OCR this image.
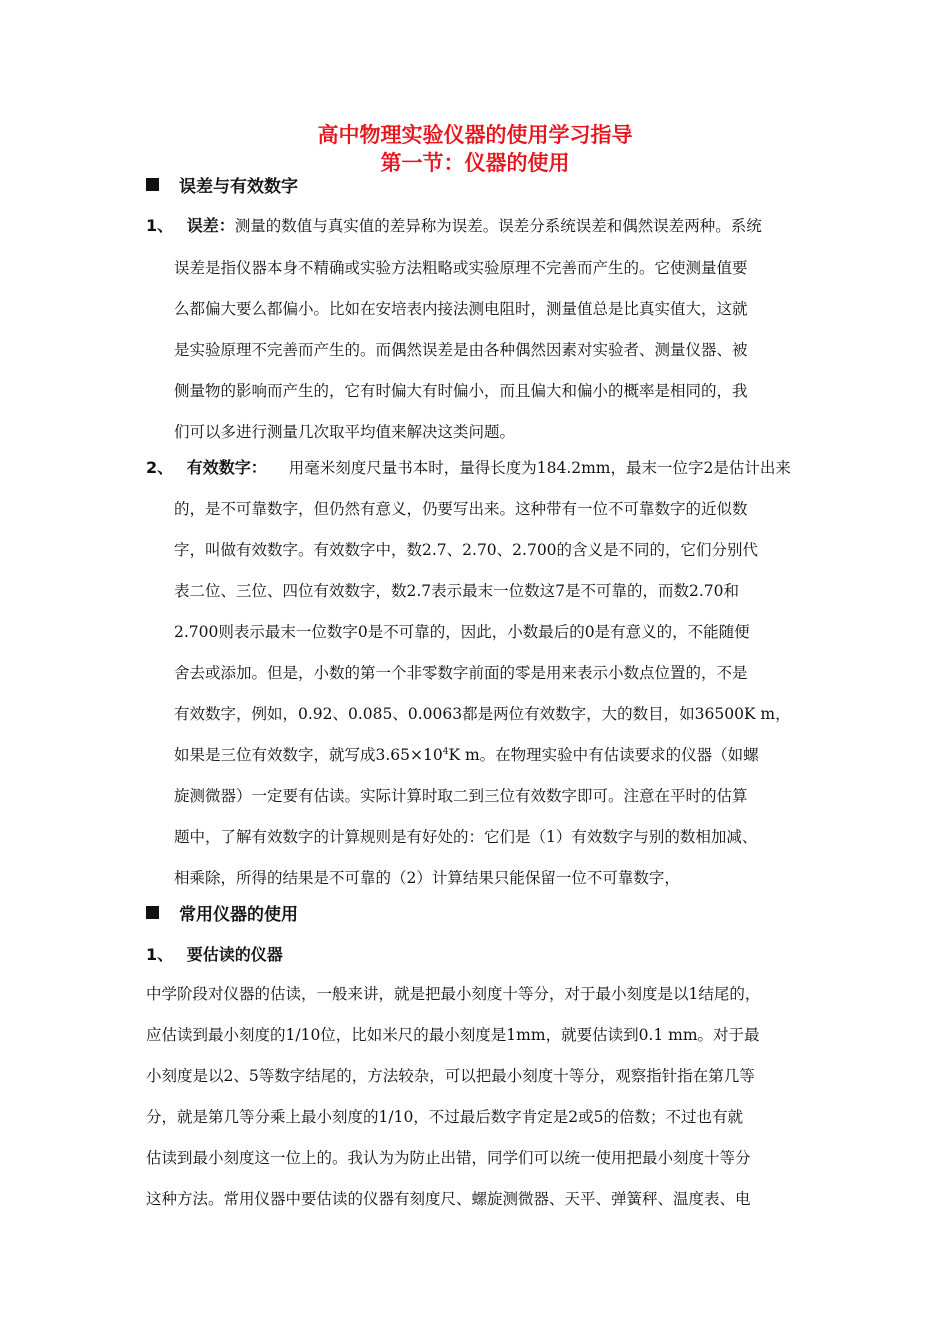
高中物理实验仪器的使用学习指导
第一节：仪器的使用
误差与有效数字
1、 误差：测量的数值与真实值的差异称为误差。误差分系统误差和偶然误差两种。系统
误差是指仪器本身不精确或实验方法粗略或实验原理不完善而产生的。它使测量值要
么都偏大要么都偏小。比如在安培表内接法测电阻时，测量值总是比真实值大，这就
是实验原理不完善而产生的。而偶然误差是由各种偶然因素对实验者、测量仪器、被
侧量物的影响而产生的，它有时偏大有时偏小，而且偏大和偏小的概率是相同的，我
们可以多进行测量几次取平均值来解决这类问题。
2、 有效数字： 用毫米刻度尺量书本时，量得长度为184.2mm，最末一位字2是估计出来
的，是不可靠数字，但仍然有意义，仍要写出来。这种带有一位不可靠数字的近似数
字，叫做有效数字。有效数字中，数2.7、2.70、2.700的含义是不同的，它们分别代
表二位、三位、四位有效数字，数2.7表示最末一位数这7是不可靠的，而数2.70和
2.700则表示最末一位数字0是不可靠的，因此，小数最后的0是有意义的，不能随便
舍去或添加。但是，小数的第一个非零数字前面的零是用来表示小数点位置的，不是
有效数字，例如，0.92、0.085、0.0063都是两位有效数字，大的数目，如36500K m，
如果是三位有效数字，就写成$3.65\times 10^4K$ m。在物理实验中有估读要求的仪器（如螺
旋测微器）一定要有估读。实际计算时取二到三位有效数字即可。注意在平时的估算
题中，了解有效数字的计算规则是有好处的：它们是（1）有效数字与别的数相加减、
相乘除，所得的结果是不可靠的（2）计算结果只能保留一位不可靠数字，
常用仪器的使用
1、 要估读的仪器
中学阶段对仪器的估读，一般来讲，就是把最小刻度十等分，对于最小刻度是以1结尾的，
应估读到最小刻度的1/10位，比如米尺的最小刻度是1mm，就要估读到0.1 mm。对于最
小刻度是以2、5等数字结尾的，方法较杂，可以把最小刻度十等分，观察指针指在第几等
分，就是第几等分乘上最小刻度的1/10，不过最后数字肯定是2或5的倍数；不过也有就
估读到最小刻度这一位上的。我认为为防止出错，同学们可以统一使用把最小刻度十等分
这种方法。常用仪器中要估读的仪器有刻度尺、螺旋测微器、天平、弹簧秤、温度表、电
